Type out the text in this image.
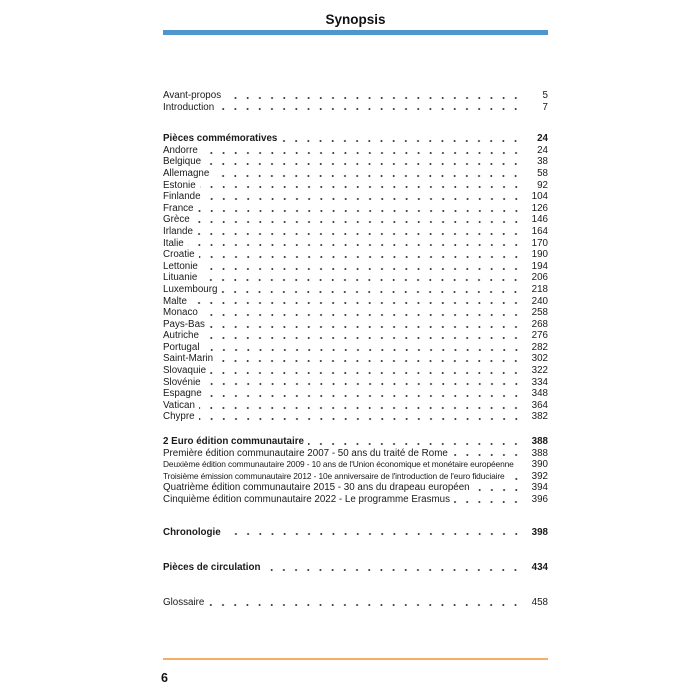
Synopsis
Avant-propos	5
Introduction	7
Pièces commémoratives	24
Andorre	24
Belgique	38
Allemagne	58
Estonie	92
Finlande	104
France	126
Grèce	146
Irlande	164
Italie	170
Croatie	190
Lettonie	194
Lituanie	206
Luxembourg	218
Malte	240
Monaco	258
Pays-Bas	268
Autriche	276
Portugal	282
Saint-Marin	302
Slovaquie	322
Slovénie	334
Espagne	348
Vatican	364
Chypre	382
2 Euro édition communautaire	388
Première édition communautaire 2007 - 50 ans du traité de Rome	388
Deuxième édition communautaire 2009 - 10 ans de l'Union économique et monétaire européenne	390
Troisième émission communautaire 2012 - 10e anniversaire de l'introduction de l'euro fiduciaire	392
Quatrième édition communautaire 2015 - 30 ans du drapeau européen	394
Cinquième édition communautaire 2022 - Le programme Erasmus	396
Chronologie	398
Pièces de circulation	434
Glossaire	458
6
